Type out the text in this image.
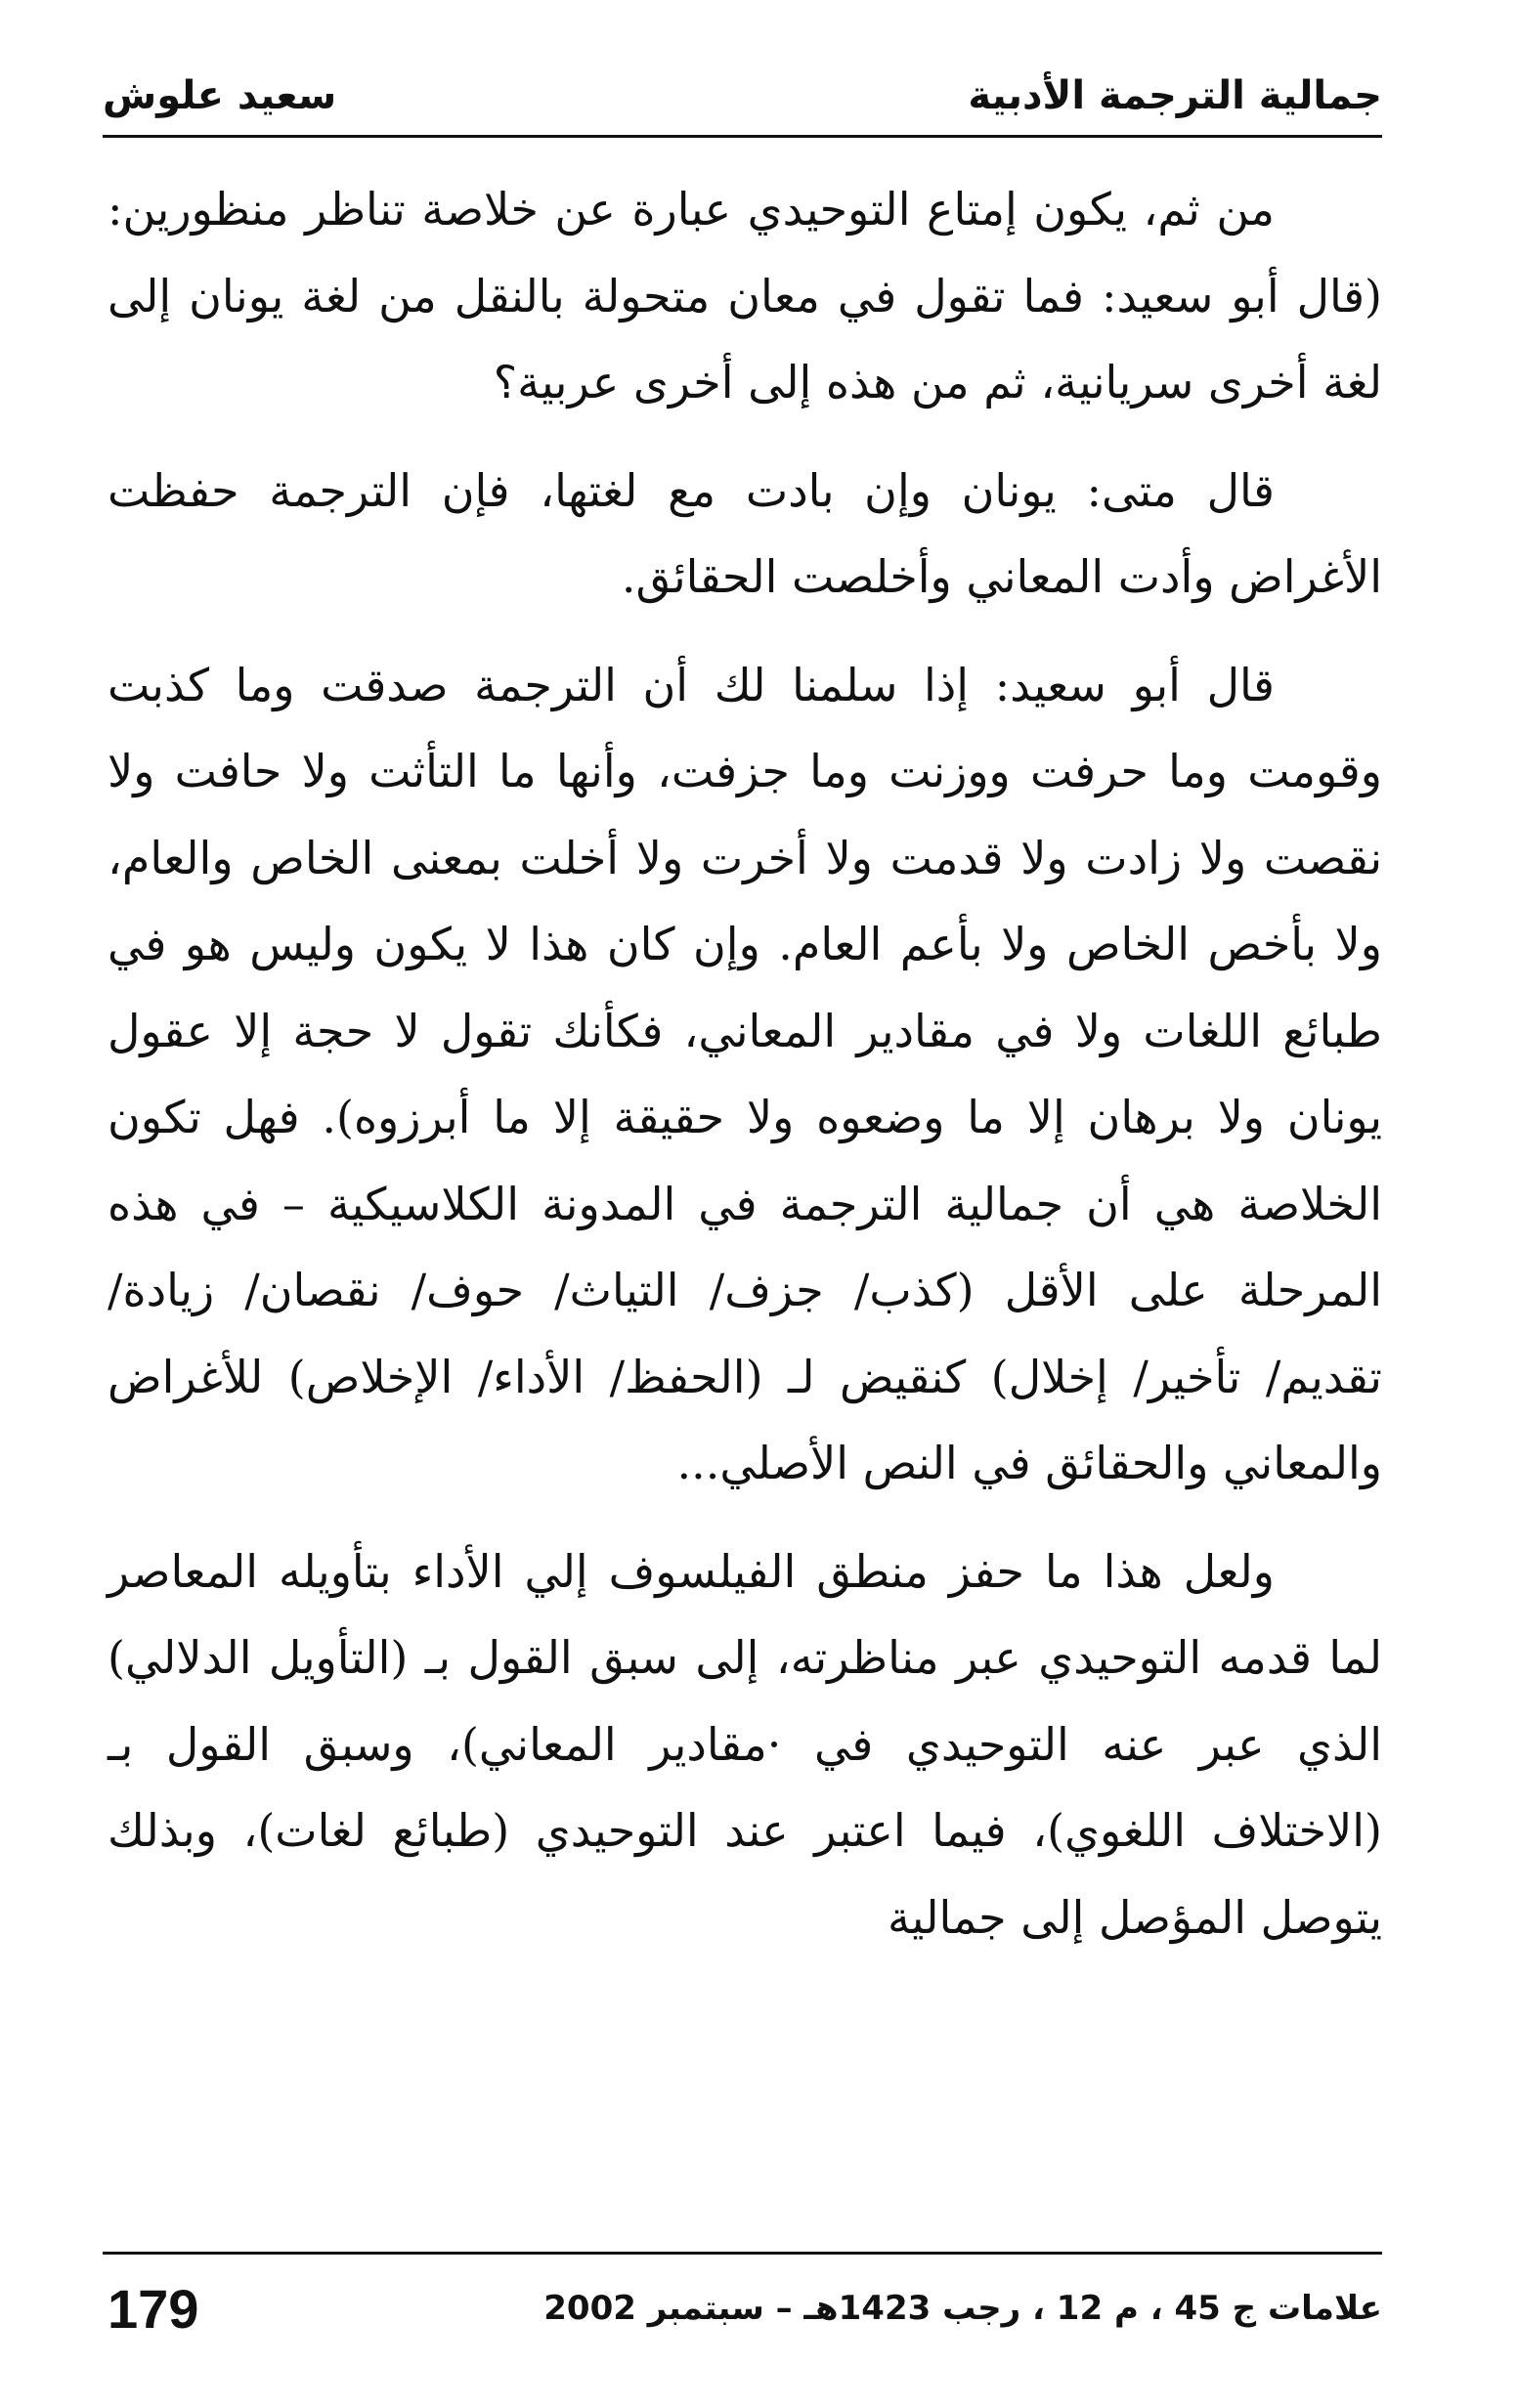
جمالية الترجمة الأدبية
سعيد علوش

من ثم، يكون إمتاع التوحيدي عبارة عن خلاصة تناظر منظورين: (قال أبو سعيد: فما تقول في معان متحولة بالنقل من لغة يونان إلى لغة أخرى سريانية، ثم من هذه إلى أخرى عربية؟

قال متى: يونان وإن بادت مع لغتها، فإن الترجمة حفظت الأغراض وأدت المعاني وأخلصت الحقائق.

قال أبو سعيد: إذا سلمنا لك أن الترجمة صدقت وما كذبت وقومت وما حرفت ووزنت وما جزفت، وأنها ما التأثت ولا حافت ولا نقصت ولا زادت ولا قدمت ولا أخرت ولا أخلت بمعنى الخاص والعام، ولا بأخص الخاص ولا بأعم العام. وإن كان هذا لا يكون وليس هو في طبائع اللغات ولا في مقادير المعاني، فكأنك تقول لا حجة إلا عقول يونان ولا برهان إلا ما وضعوه ولا حقيقة إلا ما أبرزوه). فهل تكون الخلاصة هي أن جمالية الترجمة في المدونة الكلاسيكية – في هذه المرحلة على الأقل (كذب/ جزف/ التياث/ حوف/ نقصان/ زيادة/ تقديم/ تأخير/ إخلال) كنقيض لـ (الحفظ/ الأداء/ الإخلاص) للأغراض والمعاني والحقائق في النص الأصلي...

ولعل هذا ما حفز منطق الفيلسوف إلي الأداء بتأويله المعاصر لما قدمه التوحيدي عبر مناظرته، إلى سبق القول بـ (التأويل الدلالي) الذي عبر عنه التوحيدي في ·مقادير المعاني)، وسبق القول بـ (الاختلاف اللغوي)، فيما اعتبر عند التوحيدي (طبائع لغات)، وبذلك يتوصل المؤصل إلى جمالية

علامات ج 45 ، م 12 ، رجب 1423هـ – سبتمبر 2002
179
